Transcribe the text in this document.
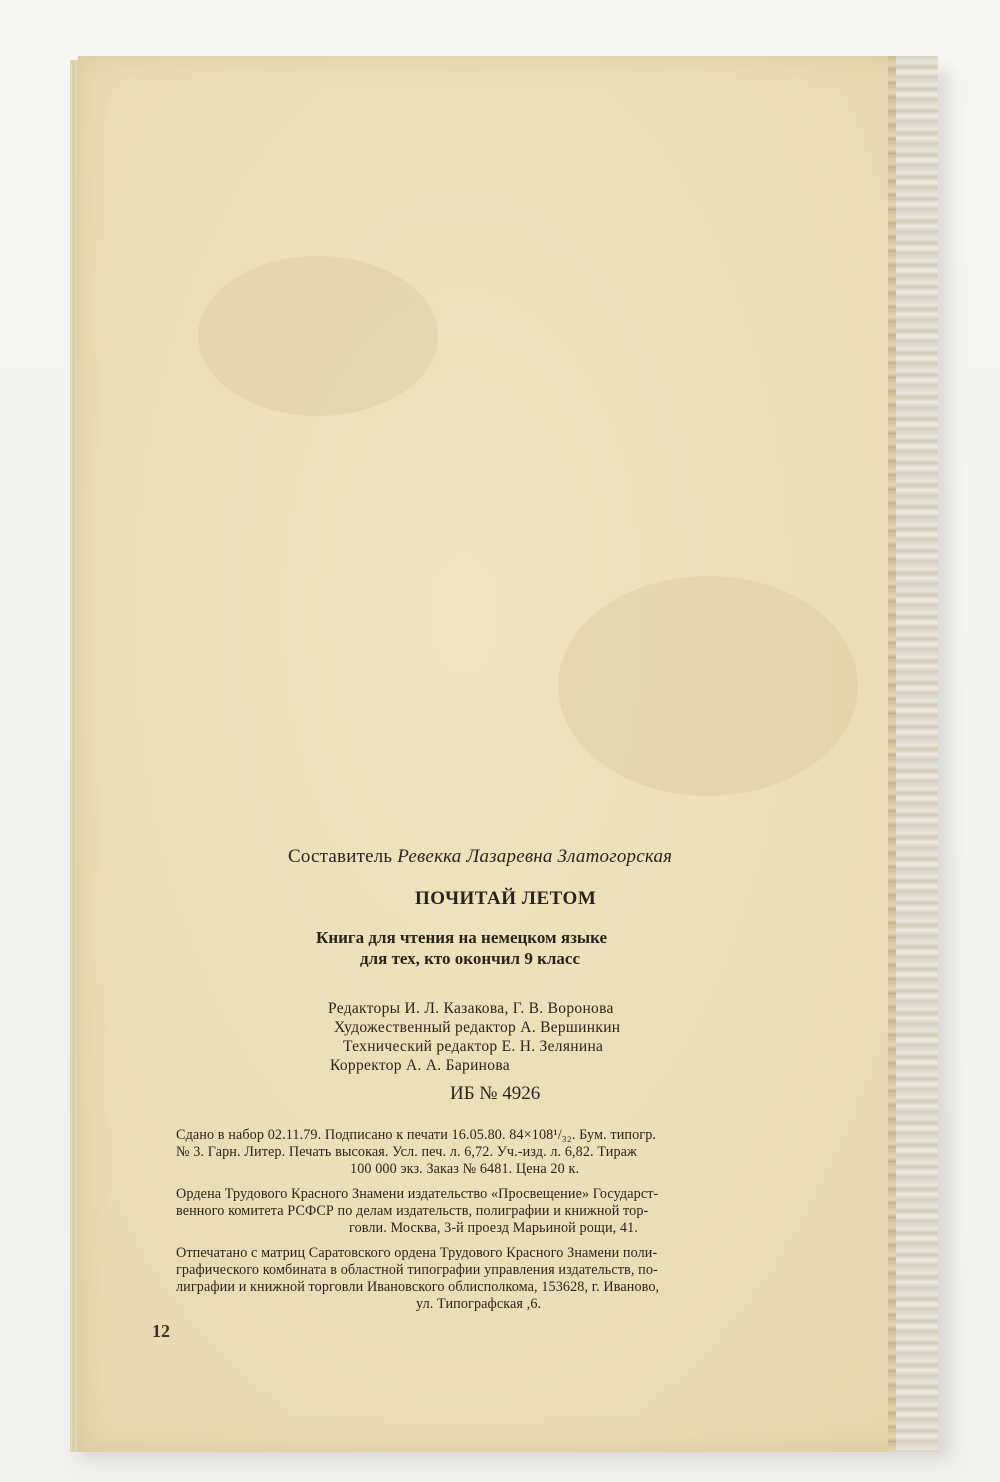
Составитель Ревекка Лазаревна Златогорская
ПОЧИТАЙ ЛЕТОМ
Книга для чтения на немецком языке
для тех, кто окончил 9 класс
Редакторы И. Л. Казакова, Г. В. Воронова
Художественный редактор А. Вершинкин
Технический редактор Е. Н. Зелянина
Корректор А. А. Баринова
ИБ № 4926
Сдано в набор 02.11.79. Подписано к печати 16.05.80. 84×108¹/₃₂. Бум. типогр.
№ 3. Гарн. Литер. Печать высокая. Усл. печ. л. 6,72. Уч.-изд. л. 6,82. Тираж
100 000 экз. Заказ № 6481. Цена 20 к.
Ордена Трудового Красного Знамени издательство «Просвещение» Государст-
венного комитета РСФСР по делам издательств, полиграфии и книжной тор-
говли. Москва, 3-й проезд Марьиной рощи, 41.
Отпечатано с матриц Саратовского ордена Трудового Красного Знамени поли-
графического комбината в областной типографии управления издательств, по-
лиграфии и книжной торговли Ивановского облисполкома, 153628, г. Иваново,
ул. Типографская ,6.
12
